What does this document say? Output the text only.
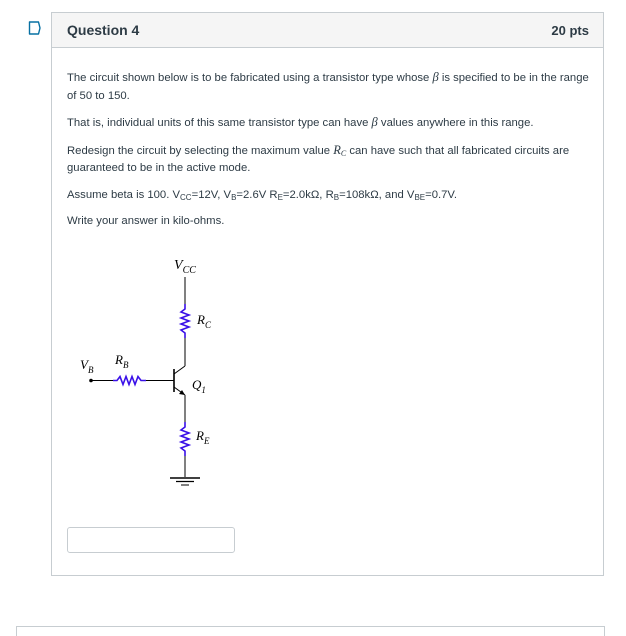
Question 4	20 pts

The circuit shown below is to be fabricated using a transistor type whose β is specified to be in the range of 50 to 150.

That is, individual units of this same transistor type can have β values anywhere in this range.

Redesign the circuit by selecting the maximum value $R_C$ can have such that all fabricated circuits are guaranteed to be in the active mode.

Assume beta is 100. $V_{CC}=12V$, $V_B=2.6V$ $R_E=2.0k\Omega$, $R_B=108k\Omega$, and $V_{BE}=0.7V$.

Write your answer in kilo-ohms.

$V_{CC}$
$R_C$
$Q_1$
$V_B$
$R_B$
$R_E$
